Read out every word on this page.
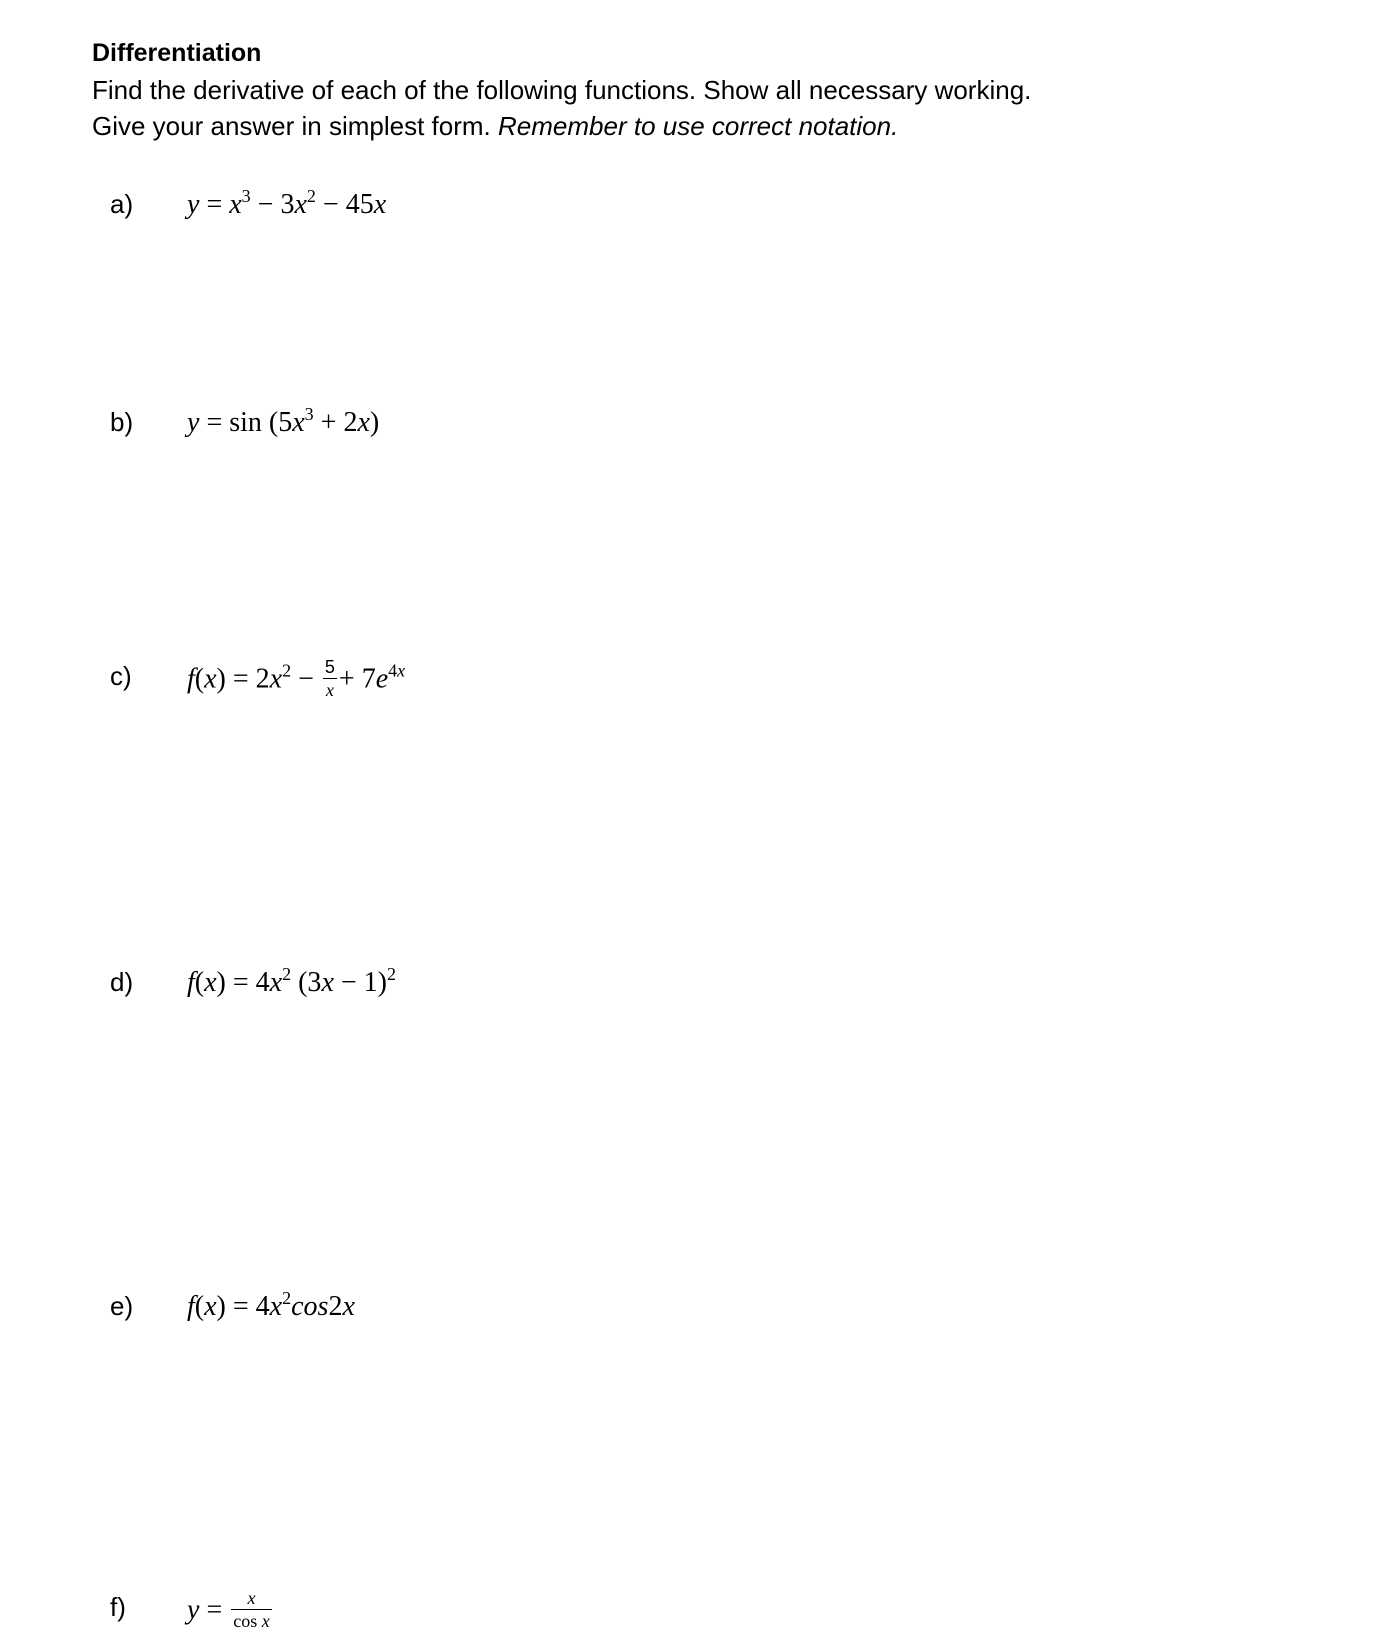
Differentiation
Find the derivative of each of the following functions. Show all necessary working.
Give your answer in simplest form. Remember to use correct notation.
a) $y = x^3 - 3x^2 - 45x$
b) $y = \sin (5x^3 + 2x)$
c) $f(x) = 2x^2 - \frac{5}{x} + 7e^{4x}$
d) $f(x) = 4x^2$ $(3x - 1)^2$
e) $f(x) = 4x^2\cos 2x$
f) $y = \frac{x}{\text{cos x}}$
